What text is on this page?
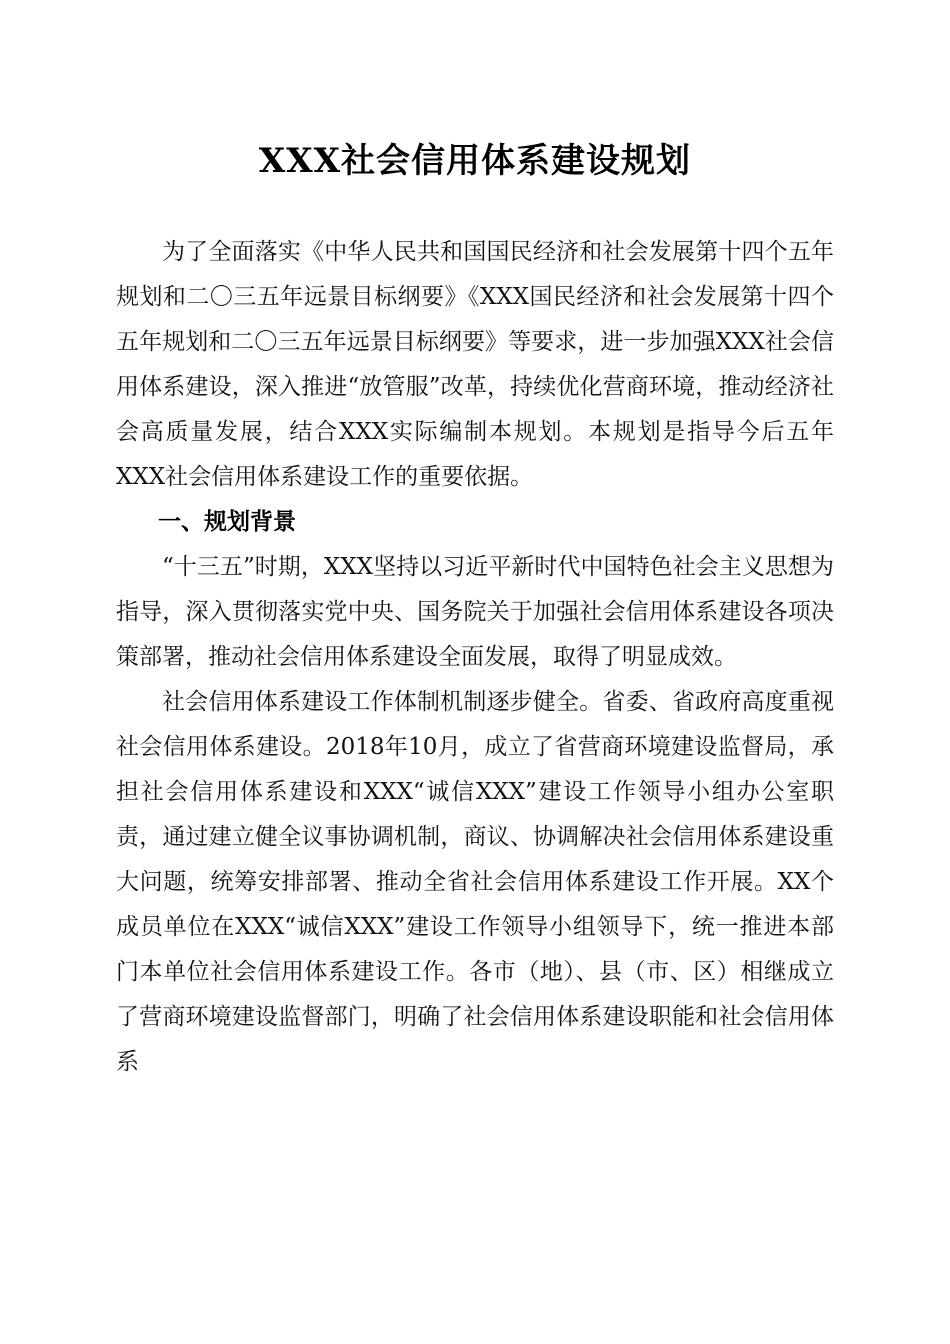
XXX社会信用体系建设规划

为了全面落实《中华人民共和国国民经济和社会发展第十四个五年规划和二〇三五年远景目标纲要》《XXX国民经济和社会发展第十四个五年规划和二〇三五年远景目标纲要》等要求，进一步加强XXX社会信用体系建设，深入推进“放管服”改革，持续优化营商环境，推动经济社会高质量发展，结合XXX实际编制本规划。本规划是指导今后五年XXX社会信用体系建设工作的重要依据。

一、规划背景

“十三五”时期，XXX坚持以习近平新时代中国特色社会主义思想为指导，深入贯彻落实党中央、国务院关于加强社会信用体系建设各项决策部署，推动社会信用体系建设全面发展，取得了明显成效。

社会信用体系建设工作体制机制逐步健全。省委、省政府高度重视社会信用体系建设。2018年10月，成立了省营商环境建设监督局，承担社会信用体系建设和XXX“诚信XXX”建设工作领导小组办公室职责，通过建立健全议事协调机制，商议、协调解决社会信用体系建设重大问题，统筹安排部署、推动全省社会信用体系建设工作开展。XX个成员单位在XXX“诚信XXX”建设工作领导小组领导下，统一推进本部门本单位社会信用体系建设工作。各市（地）、县（市、区）相继成立了营商环境建设监督部门，明确了社会信用体系建设职能和社会信用体系
